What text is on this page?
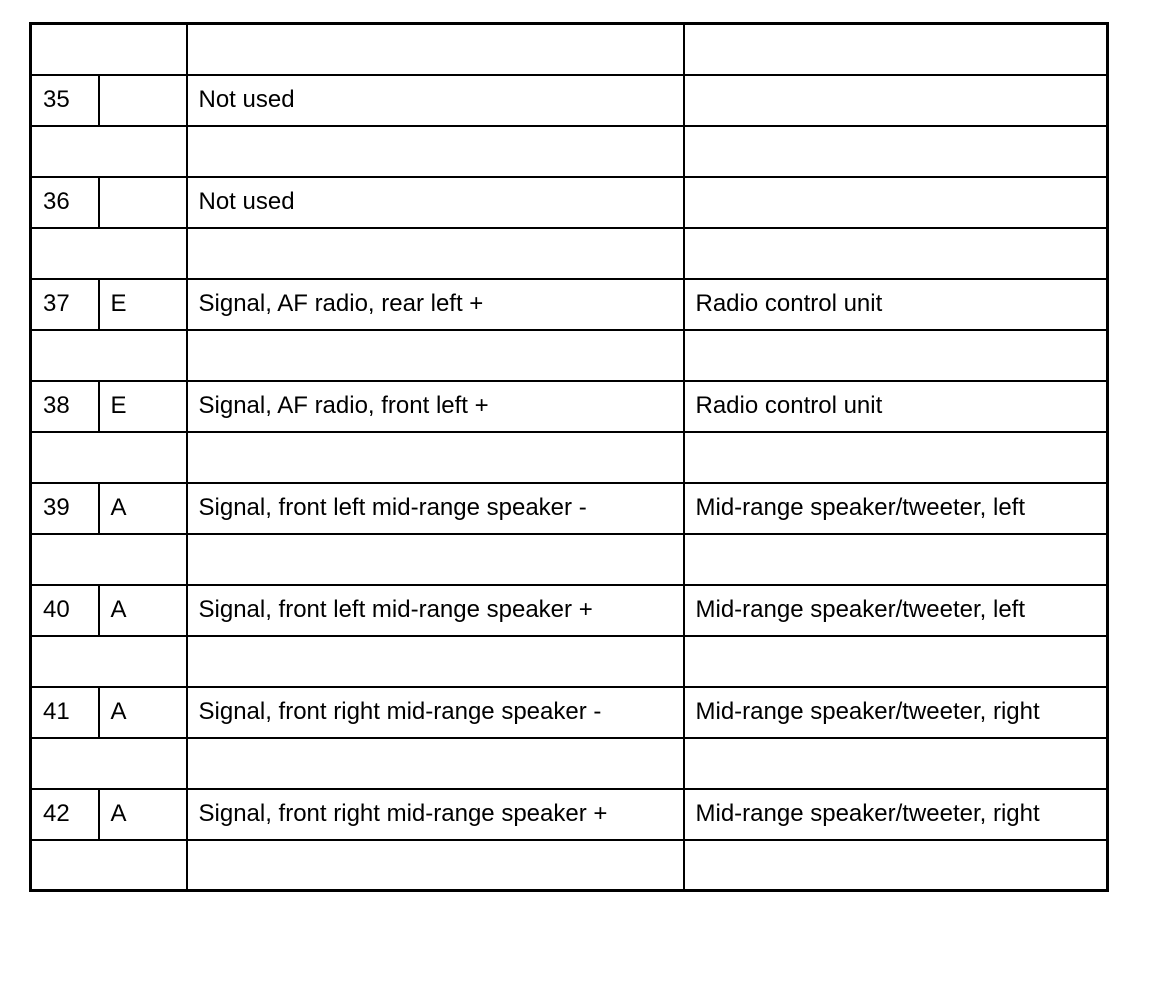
35		Not used	

36		Not used	

37	E	Signal, AF radio, rear left +	Radio control unit

38	E	Signal, AF radio, front left +	Radio control unit

39	A	Signal, front left mid-range speaker -	Mid-range speaker/tweeter, left

40	A	Signal, front left mid-range speaker +	Mid-range speaker/tweeter, left

41	A	Signal, front right mid-range speaker -	Mid-range speaker/tweeter, right

42	A	Signal, front right mid-range speaker +	Mid-range speaker/tweeter, right
